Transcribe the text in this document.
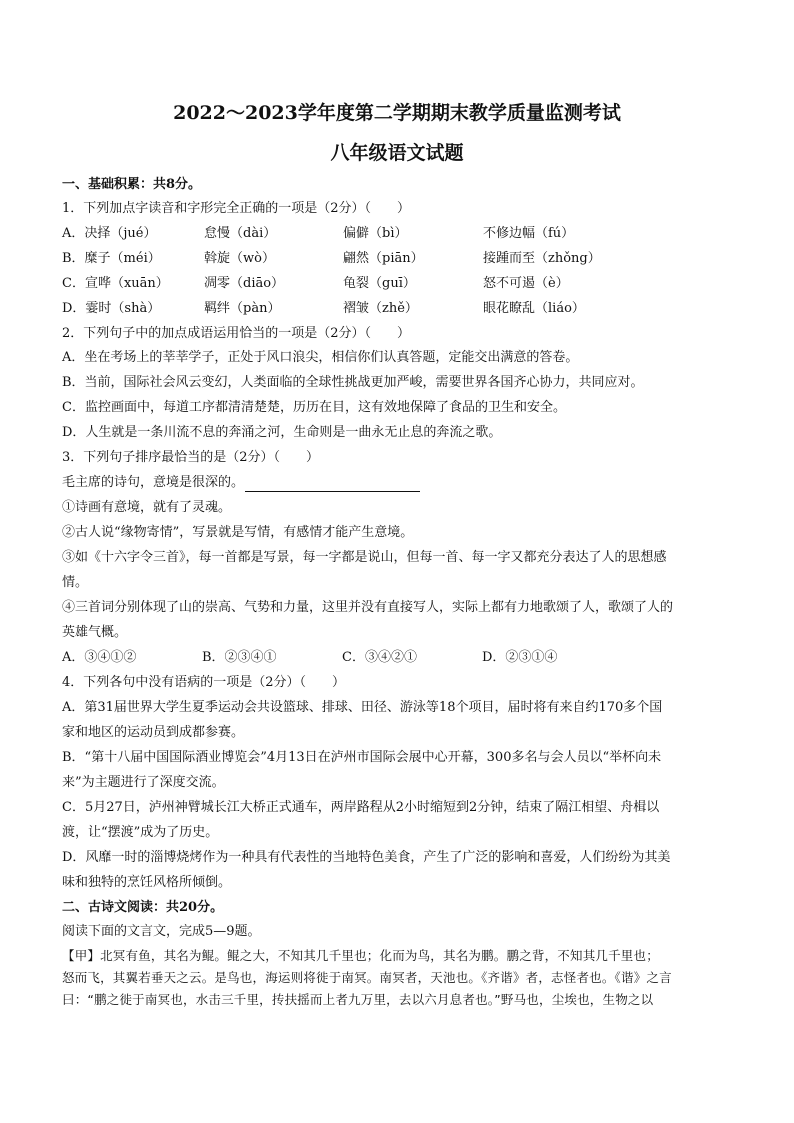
2022～2023学年度第二学期期末教学质量监测考试
八年级语文试题
一、基础积累：共8分。
1．下列加点字读音和字形完全正确的一项是（2分）（　　）
A．决择（jué）	怠慢（dài）	偏僻（bì）	不修边幅（fú）
B．糜子（méi）	斡旋（wò）	翩然（piān）	接踵而至（zhǒng）
C．宣哗（xuān）	凋零（diāo）	龟裂（guī）	怒不可遏（è）
D．霎时（shà）	羁绊（pàn）	褶皱（zhě）	眼花瞭乱（liáo）
2．下列句子中的加点成语运用恰当的一项是（2分）（　　）
A．坐在考场上的莘莘学子，正处于风口浪尖，相信你们认真答题，定能交出满意的答卷。
B．当前，国际社会风云变幻，人类面临的全球性挑战更加严峻，需要世界各国齐心协力，共同应对。
C．监控画面中，每道工序都清清楚楚，历历在目，这有效地保障了食品的卫生和安全。
D．人生就是一条川流不息的奔涌之河，生命则是一曲永无止息的奔流之歌。
3．下列句子排序最恰当的是（2分）（　　）
毛主席的诗句，意境是很深的。
①诗画有意境，就有了灵魂。
②古人说“缘物寄情”，写景就是写情，有感情才能产生意境。
③如《十六字令三首》，每一首都是写景，每一字都是说山，但每一首、每一字又都充分表达了人的思想感
情。
④三首词分别体现了山的崇高、气势和力量，这里并没有直接写人，实际上都有力地歌颂了人，歌颂了人的
英雄气概。
A．③④①②	B．②③④①	C．③④②①	D．②③①④
4．下列各句中没有语病的一项是（2分）（　　）
A．第31届世界大学生夏季运动会共设篮球、排球、田径、游泳等18个项目，届时将有来自约170多个国
家和地区的运动员到成都参赛。
B．“第十八届中国国际酒业博览会”4月13日在泸州市国际会展中心开幕，300多名与会人员以“举杯向未
来”为主题进行了深度交流。
C．5月27日，泸州神臂城长江大桥正式通车，两岸路程从2小时缩短到2分钟，结束了隔江相望、舟楫以
渡，让“摆渡”成为了历史。
D．风靡一时的淄博烧烤作为一种具有代表性的当地特色美食，产生了广泛的影响和喜爱，人们纷纷为其美
味和独特的烹饪风格所倾倒。
二、古诗文阅读：共20分。
阅读下面的文言文，完成5—9题。
【甲】北冥有鱼，其名为鲲。鲲之大，不知其几千里也；化而为鸟，其名为鹏。鹏之背，不知其几千里也；
怒而飞，其翼若垂天之云。是鸟也，海运则将徙于南冥。南冥者，天池也。《齐谐》者，志怪者也。《谐》之言
曰：“鹏之徙于南冥也，水击三千里，抟扶摇而上者九万里，去以六月息者也。”野马也，尘埃也，生物之以
